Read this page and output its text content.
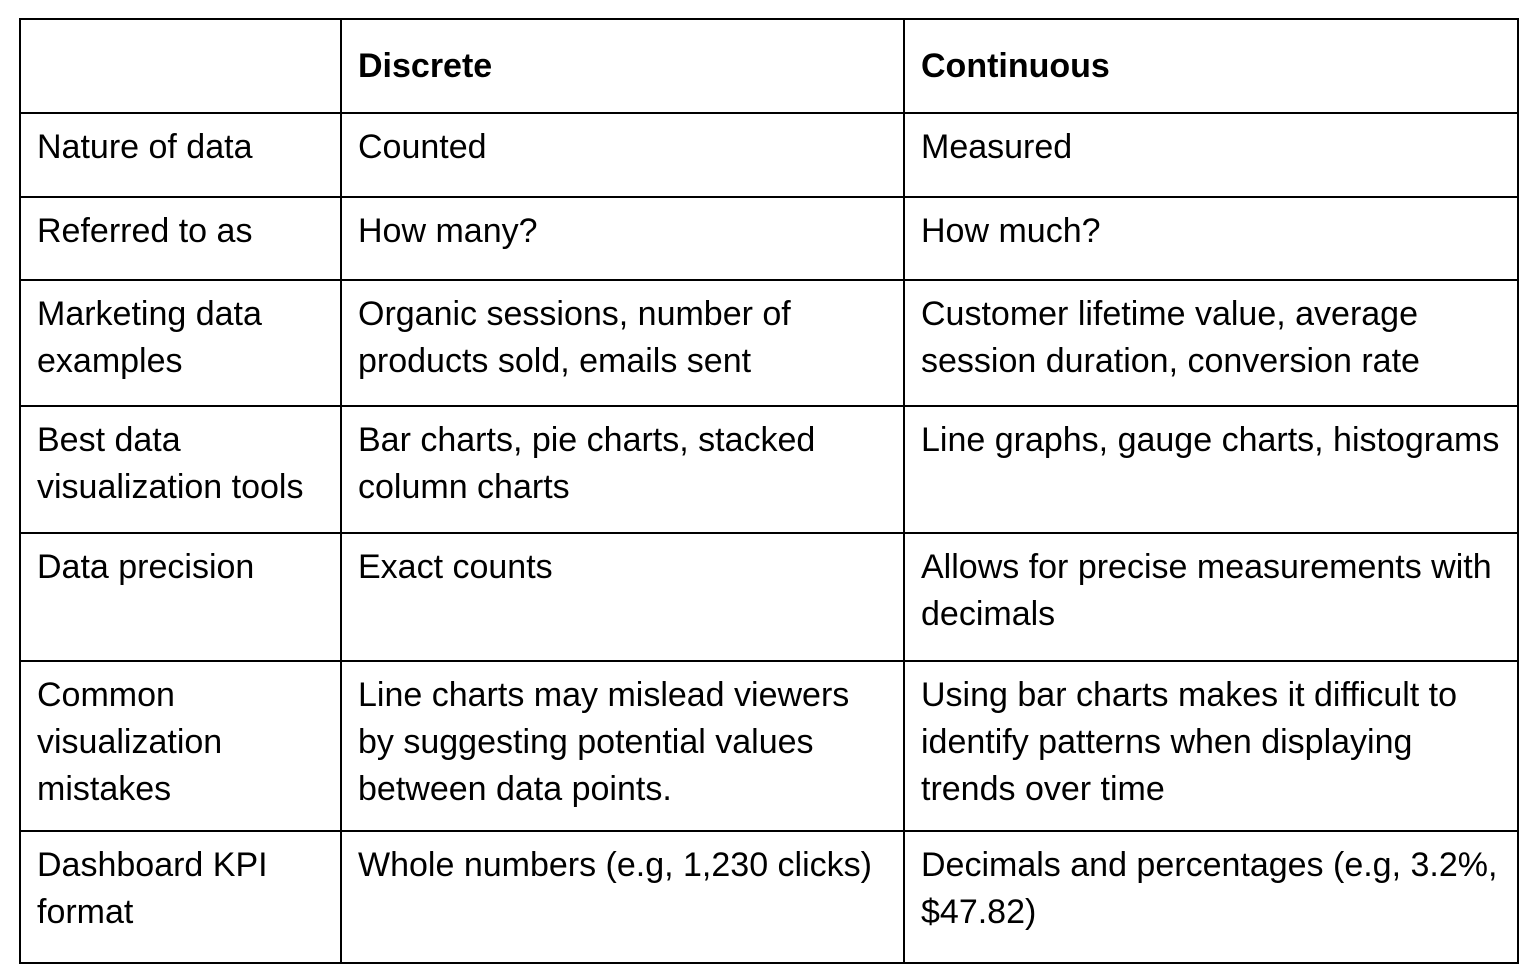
	Discrete	Continuous
Nature of data	Counted	Measured
Referred to as	How many?	How much?
Marketing data examples	Organic sessions, number of products sold, emails sent	Customer lifetime value, average session duration, conversion rate
Best data visualization tools	Bar charts, pie charts, stacked column charts	Line graphs, gauge charts, histograms
Data precision	Exact counts	Allows for precise measurements with decimals
Common visualization mistakes	Line charts may mislead viewers by suggesting potential values between data points.	Using bar charts makes it difficult to identify patterns when displaying trends over time
Dashboard KPI format	Whole numbers (e.g, 1,230 clicks)	Decimals and percentages (e.g, 3.2%, $47.82)
